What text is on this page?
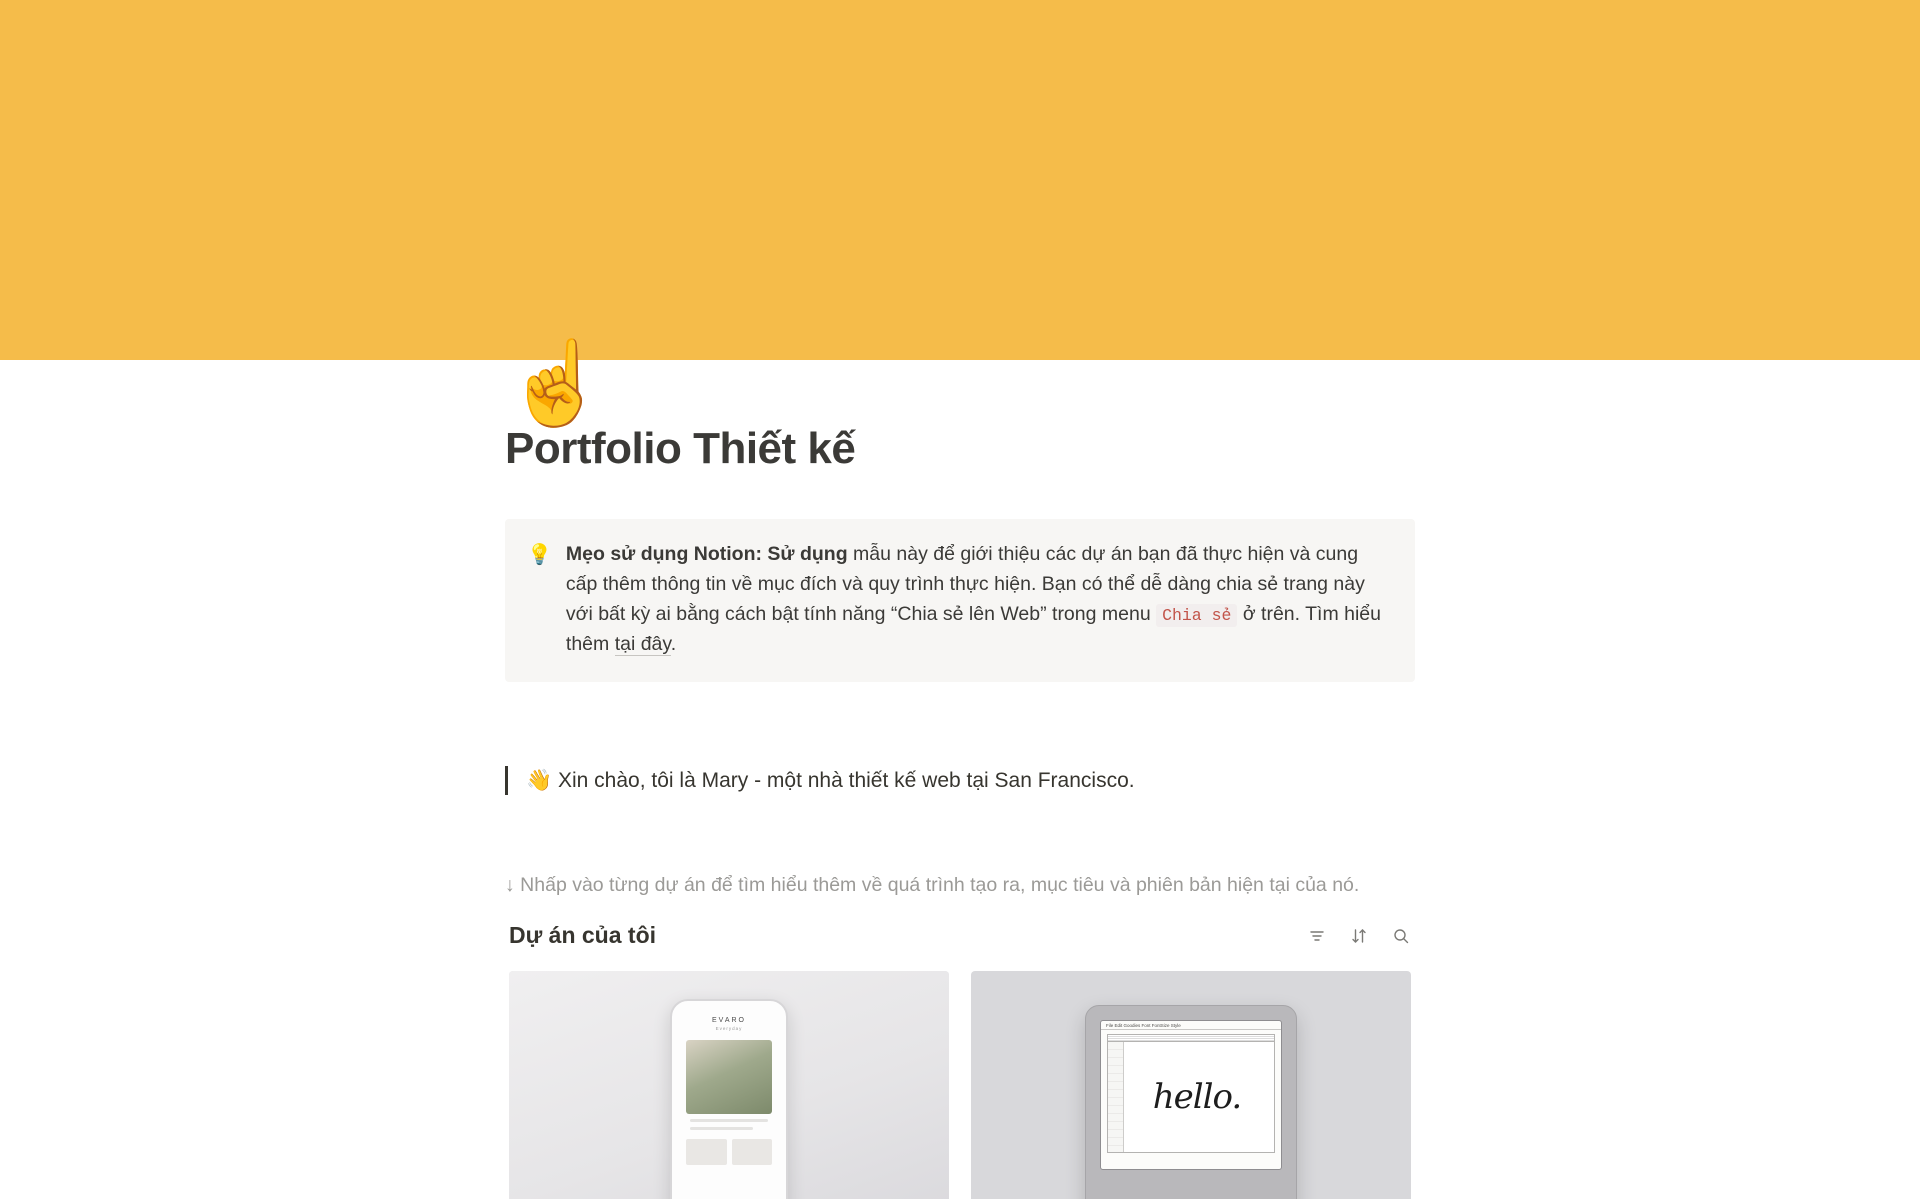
☝️
Portfolio Thiết kế
💡 Mẹo sử dụng Notion: Sử dụng mẫu này để giới thiệu các dự án bạn đã thực hiện và cung cấp thêm thông tin về mục đích và quy trình thực hiện. Bạn có thể dễ dàng chia sẻ trang này với bất kỳ ai bằng cách bật tính năng “Chia sẻ lên Web” trong menu Chia sẻ ở trên. Tìm hiểu thêm tại đây.
👋 Xin chào, tôi là Mary - một nhà thiết kế web tại San Francisco.

↓ Nhấp vào từng dự án để tìm hiểu thêm về quá trình tạo ra, mục tiêu và phiên bản hiện tại của nó.

Dự án của tôi
EVARO
Everyday
File Edit Goodies Font FontSize Style
hello.
